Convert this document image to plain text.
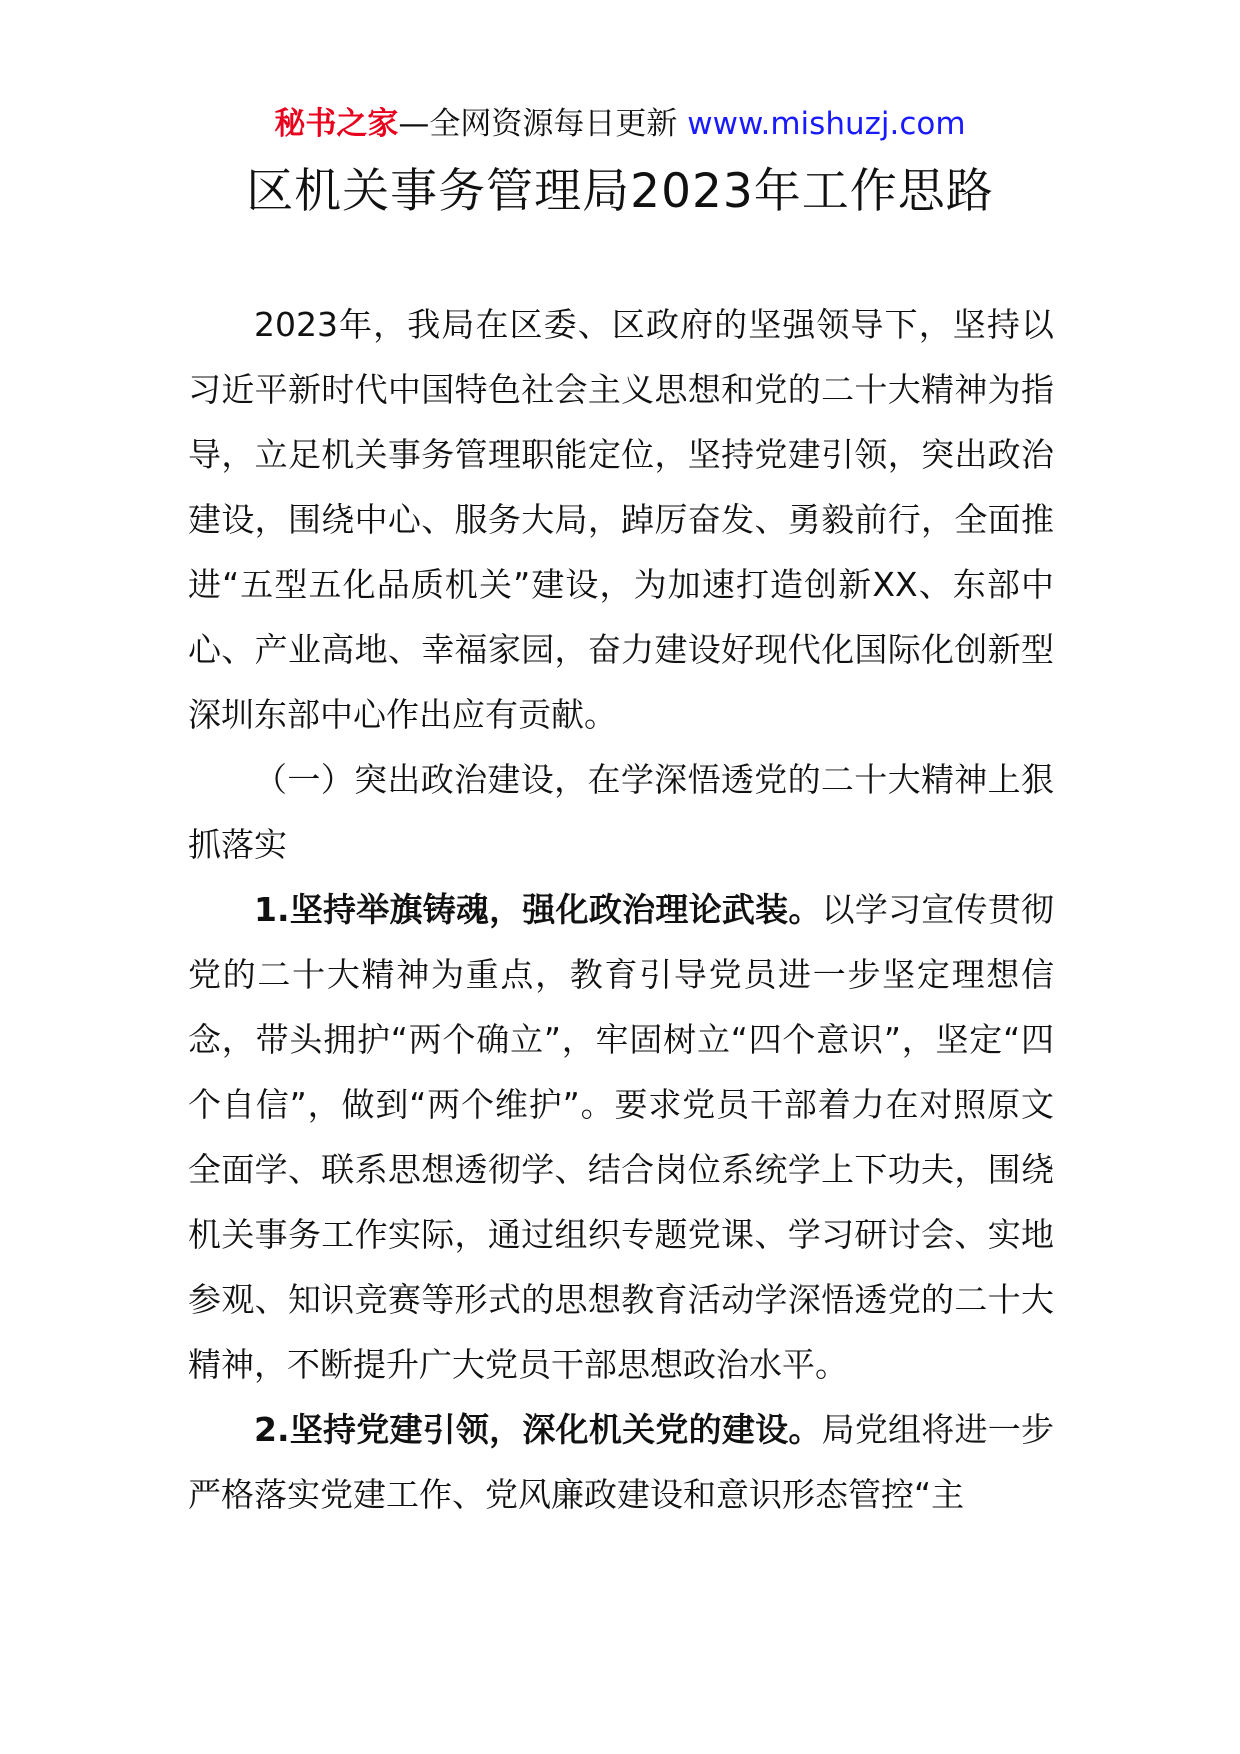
秘书之家—全网资源每日更新 www.mishuzj.com
区机关事务管理局2023年工作思路

2023年，我局在区委、区政府的坚强领导下，坚持以习近平新时代中国特色社会主义思想和党的二十大精神为指导，立足机关事务管理职能定位，坚持党建引领，突出政治建设，围绕中心、服务大局，踔厉奋发、勇毅前行，全面推进“五型五化品质机关”建设，为加速打造创新XX、东部中心、产业高地、幸福家园，奋力建设好现代化国际化创新型深圳东部中心作出应有贡献。

（一）突出政治建设，在学深悟透党的二十大精神上狠抓落实

1.坚持举旗铸魂，强化政治理论武装。以学习宣传贯彻党的二十大精神为重点，教育引导党员进一步坚定理想信念，带头拥护“两个确立”，牢固树立“四个意识”，坚定“四个自信”，做到“两个维护”。要求党员干部着力在对照原文全面学、联系思想透彻学、结合岗位系统学上下功夫，围绕机关事务工作实际，通过组织专题党课、学习研讨会、实地参观、知识竞赛等形式的思想教育活动学深悟透党的二十大精神，不断提升广大党员干部思想政治水平。

2.坚持党建引领，深化机关党的建设。局党组将进一步严格落实党建工作、党风廉政建设和意识形态管控“主
